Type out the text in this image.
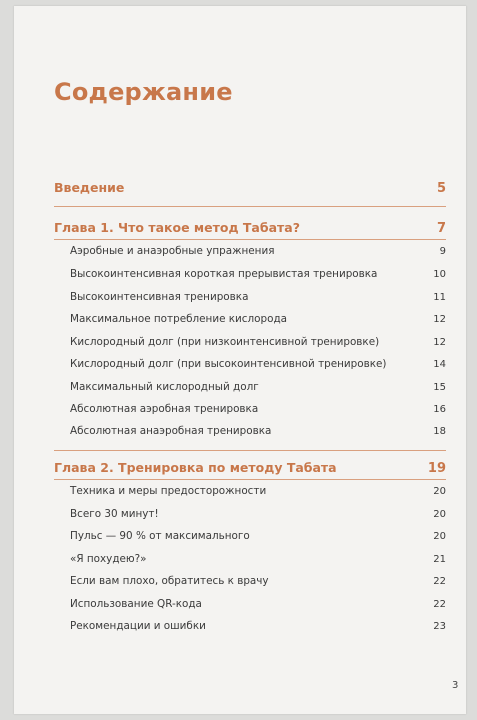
Содержание
Введение	5
Глава 1. Что такое метод Табата?	7
Аэробные и анаэробные упражнения	9
Высокоинтенсивная короткая прерывистая тренировка	10
Высокоинтенсивная тренировка	11
Максимальное потребление кислорода	12
Кислородный долг (при низкоинтенсивной тренировке)	12
Кислородный долг (при высокоинтенсивной тренировке)	14
Максимальный кислородный долг	15
Абсолютная аэробная тренировка	16
Абсолютная анаэробная тренировка	18
Глава 2. Тренировка по методу Табата	19
Техника и меры предосторожности	20
Всего 30 минут!	20
Пульс — 90 % от максимального	20
«Я похудею?»	21
Если вам плохо, обратитесь к врачу	22
Использование QR-кода	22
Рекомендации и ошибки	23
3
